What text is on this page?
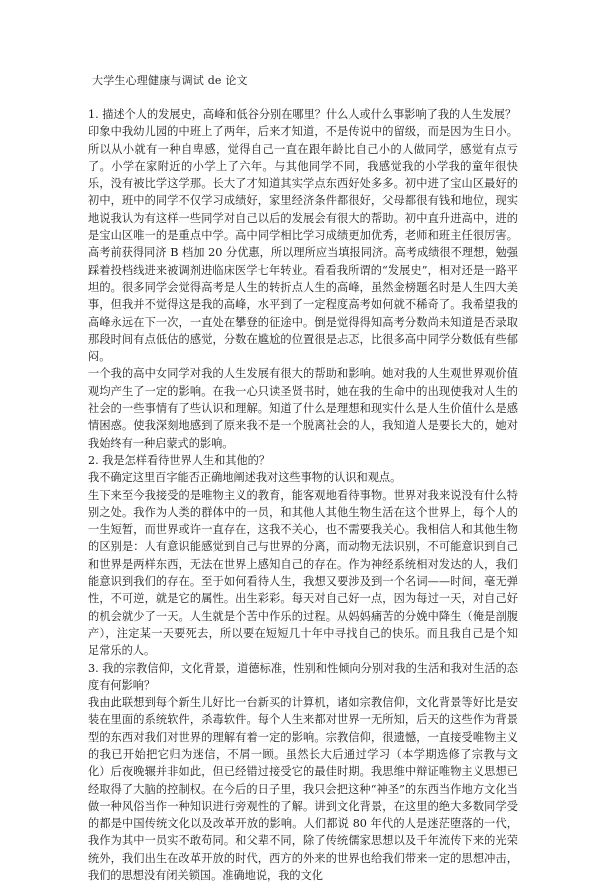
大学生心理健康与调试 de 论文

1. 描述个人的发展史，高峰和低谷分别在哪里？什么人或什么事影响了我的人生发展？

印象中我幼儿园的中班上了两年，后来才知道，不是传说中的留级，而是因为生日小。所以从小就有一种自卑感，觉得自己一直在跟年龄比自己小的人做同学，感觉有点亏了。小学在家附近的小学上了六年。与其他同学不同，我感觉我的小学我的童年很快乐，没有被比学这学那。长大了才知道其实学点东西好处多多。初中进了宝山区最好的初中，班中的同学不仅学习成绩好，家里经济条件都很好，父母都很有钱和地位，现实地说我认为有这样一些同学对自己以后的发展会有很大的帮助。初中直升进高中，进的是宝山区唯一的是重点中学。高中同学相比学习成绩更加优秀，老师和班主任很厉害。高考前获得同济 B 档加 20 分优惠，所以理所应当填报同济。高考成绩很不理想，勉强踩着投档线进来被调剂进临床医学七年转业。看看我所谓的“发展史”，相对还是一路平坦的。很多同学会觉得高考是人生的转折点人生的高峰，虽然金榜题名时是人生四大美事，但我并不觉得这是我的高峰，水平到了一定程度高考如何就不稀奇了。我希望我的高峰永远在下一次，一直处在攀登的征途中。倒是觉得得知高考分数尚未知道是否录取那段时间有点低估的感觉，分数在尴尬的位置很是忐忑，比很多高中同学分数低有些郁闷。

一个我的高中女同学对我的人生发展有很大的帮助和影响。她对我的人生观世界观价值观均产生了一定的影响。在我一心只读圣贤书时，她在我的生命中的出现使我对人生的社会的一些事情有了些认识和理解。知道了什么是理想和现实什么是人生价值什么是感情困惑。使我深刻地感到了原来我不是一个脱离社会的人，我知道人是要长大的，她对我始终有一种启蒙式的影响。

2. 我是怎样看待世界人生和其他的？

我不确定这里百字能否正确地阐述我对这些事物的认识和观点。

生下来至今我接受的是唯物主义的教育，能客观地看待事物。世界对我来说没有什么特别之处。我作为人类的群体中的一员，和其他人其他生物生活在这个世界上，每个人的一生短暂，而世界或许一直存在，这我不关心，也不需要我关心。我相信人和其他生物的区别是：人有意识能感觉到自己与世界的分离，而动物无法识别，不可能意识到自己和世界是两样东西，无法在世界上感知自己的存在。作为神经系统相对发达的人，我们能意识到我们的存在。至于如何看待人生，我想又要涉及到一个名词——时间，毫无弹性，不可逆，就是它的属性。出生彩彩。每天对自己好一点，因为每过一天，对自己好的机会就少了一天。人生就是个苦中作乐的过程。从妈妈痛苦的分娩中降生（俺是剖腹产），注定某一天要死去，所以要在短短几十年中寻找自己的快乐。而且我自己是个知足常乐的人。

3. 我的宗教信仰，文化背景，道德标准，性别和性倾向分别对我的生活和我对生活的态度有何影响？

我由此联想到每个新生儿好比一台新买的计算机，诸如宗教信仰，文化背景等好比是安装在里面的系统软件，杀毒软件。每个人生来都对世界一无所知，后天的这些作为背景型的东西对我们对世界的理解有着一定的影响。宗教信仰，很遗憾，一直接受唯物主义的我已开始把它归为迷信，不屑一顾。虽然长大后通过学习（本学期选修了宗教与文化）后夜晚辗并非如此，但已经错过接受它的最佳时期。我思维中辩证唯物主义思想已经取得了大脑的控制权。在今后的日子里，我只会把这种“神圣”的东西当作地方文化当做一种风俗当作一种知识进行旁观性的了解。讲到文化背景，在这里的绝大多数同学受的都是中国传统文化以及改革开放的影响。人们都说 80 年代的人是迷茫堕落的一代，我作为其中一员实不敢苟同。和父辈不同，除了传统儒家思想以及千年流传下来的光荣统外，我们出生在改革开放的时代，西方的外来的世界也给我们带来一定的思想冲击，我们的思想没有闭关锁国。准确地说，我的文化
